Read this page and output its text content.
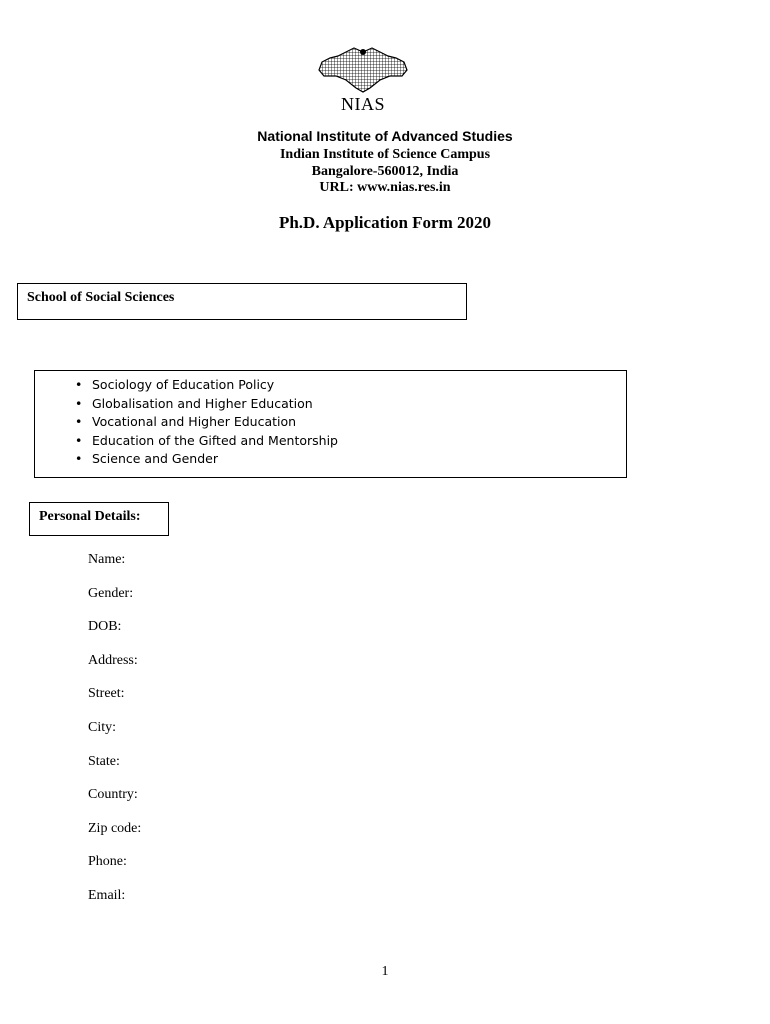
NIAS
National Institute of Advanced Studies
Indian Institute of Science Campus
Bangalore-560012, India
URL: www.nias.res.in
Ph.D. Application Form 2020
School of Social Sciences
• Sociology of Education Policy
• Globalisation and Higher Education
• Vocational and Higher Education
• Education of the Gifted and Mentorship
• Science and Gender
Personal Details:
Name:
Gender:
DOB:
Address:
Street:
City:
State:
Country:
Zip code:
Phone:
Email:
1
